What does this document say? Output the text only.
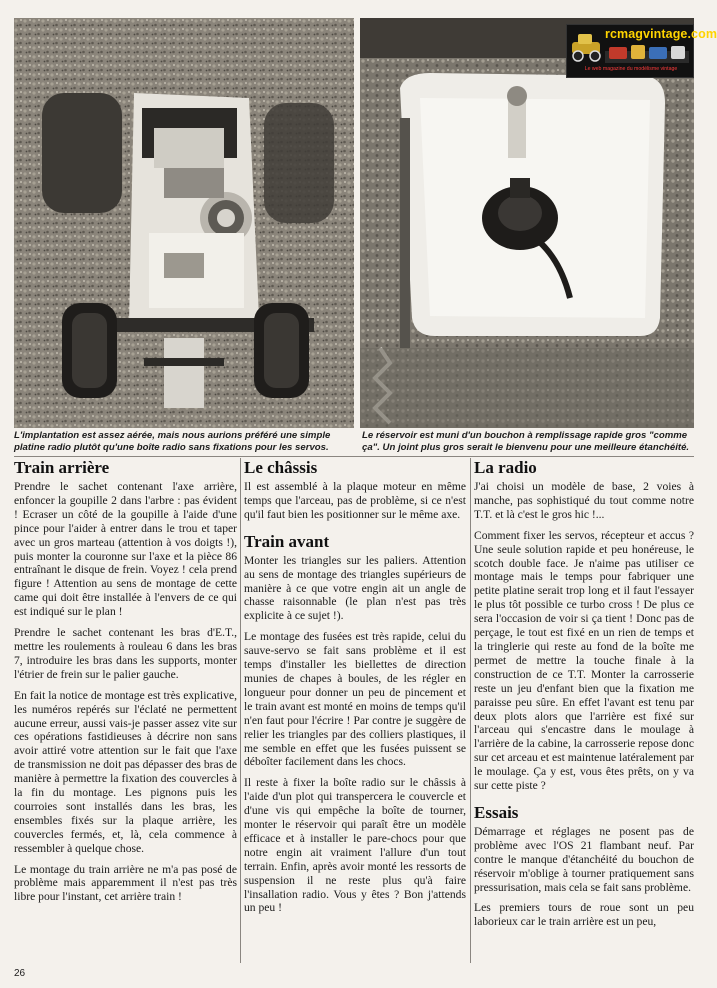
rcmagvintage.com
Le web magazine du modélisme vintage
L'implantation est assez aérée, mais nous aurions préféré une simple platine radio plutôt qu'une boîte radio sans fixations pour les servos.
Le réservoir est muni d'un bouchon à remplissage rapide gros "comme ça". Un joint plus gros serait le bienvenu pour une meilleure étanchéité.
Train arrière

Prendre le sachet contenant l'axe arrière, enfoncer la goupille 2 dans l'arbre : pas évident ! Ecraser un côté de la goupille à l'aide d'une pince pour l'aider à entrer dans le trou et taper avec un gros marteau (attention à vos doigts !), puis monter la couronne sur l'axe et la pièce 86 entraînant le disque de frein. Voyez ! cela prend figure ! Attention au sens de montage de cette came qui doit être installée à l'envers de ce qui est indiqué sur le plan !

Prendre le sachet contenant les bras d'E.T., mettre les roulements à rouleau 6 dans les bras 7, introduire les bras dans les supports, monter l'étrier de frein sur le palier gauche.

En fait la notice de montage est très explicative, les numéros repérés sur l'éclaté ne permettent aucune erreur, aussi vais-je passer assez vite sur ces opérations fastidieuses à décrire non sans avoir attiré votre attention sur le fait que l'axe de transmission ne doit pas dépasser des bras de manière à permettre la fixation des couvercles à la fin du montage. Les pignons puis les courroies sont installés dans les bras, les ensembles fixés sur la plaque arrière, les couvercles fermés, et, là, cela commence à ressembler à quelque chose.

Le montage du train arrière ne m'a pas posé de problème mais apparemment il n'est pas très libre pour l'instant, cet arrière train !

Le châssis

Il est assemblé à la plaque moteur en même temps que l'arceau, pas de problème, si ce n'est qu'il faut bien les positionner sur le même axe.

Train avant

Monter les triangles sur les paliers. Attention au sens de montage des triangles supérieurs de manière à ce que votre engin ait un angle de chasse raisonnable (le plan n'est pas très explicite à ce sujet !).

Le montage des fusées est très rapide, celui du sauve-servo se fait sans problème et il est temps d'installer les biellettes de direction munies de chapes à boules, de les régler en longueur pour donner un peu de pincement et le train avant est monté en moins de temps qu'il n'en faut pour l'écrire ! Par contre je suggère de relier les triangles par des colliers plastiques, il me semble en effet que les fusées puissent se déboîter facilement dans les chocs.

Il reste à fixer la boîte radio sur le châssis à l'aide d'un plot qui transpercera le couvercle et d'une vis qui empêche la boîte de tourner, monter le réservoir qui paraît être un modèle efficace et à installer le pare-chocs pour que notre engin ait vraiment l'allure d'un tout terrain. Enfin, après avoir monté les ressorts de suspension il ne reste plus qu'à faire l'insallation radio. Vous y êtes ? Bon j'attends un peu !

La radio

J'ai choisi un modèle de base, 2 voies à manche, pas sophistiqué du tout comme notre T.T. et là c'est le gros hic !...

Comment fixer les servos, récepteur et accus ? Une seule solution rapide et peu honéreuse, le scotch double face. Je n'aime pas utiliser ce montage mais le temps pour fabriquer une petite platine serait trop long et il faut l'essayer le plus tôt possible ce turbo cross ! De plus ce sera l'occasion de voir si ça tient ! Donc pas de perçage, le tout est fixé en un rien de temps et la tringlerie qui reste au fond de la boîte me permet de mettre la touche finale à la construction de ce T.T. Monter la carrosserie reste un jeu d'enfant bien que la fixation me paraisse peu sûre. En effet l'avant est tenu par deux plots alors que l'arrière est fixé sur l'arceau qui s'encastre dans le moulage à l'arrière de la cabine, la carrosserie repose donc sur cet arceau et est maintenue latéralement par le moulage. Ça y est, vous êtes prêts, on y va sur cette piste ?

Essais

Démarrage et réglages ne posent pas de problème avec l'OS 21 flambant neuf. Par contre le manque d'étanchéité du bouchon de réservoir m'oblige à tourner pratiquement sans pressurisation, mais cela se fait sans problème.

Les premiers tours de roue sont un peu laborieux car le train arrière est un peu,

26
